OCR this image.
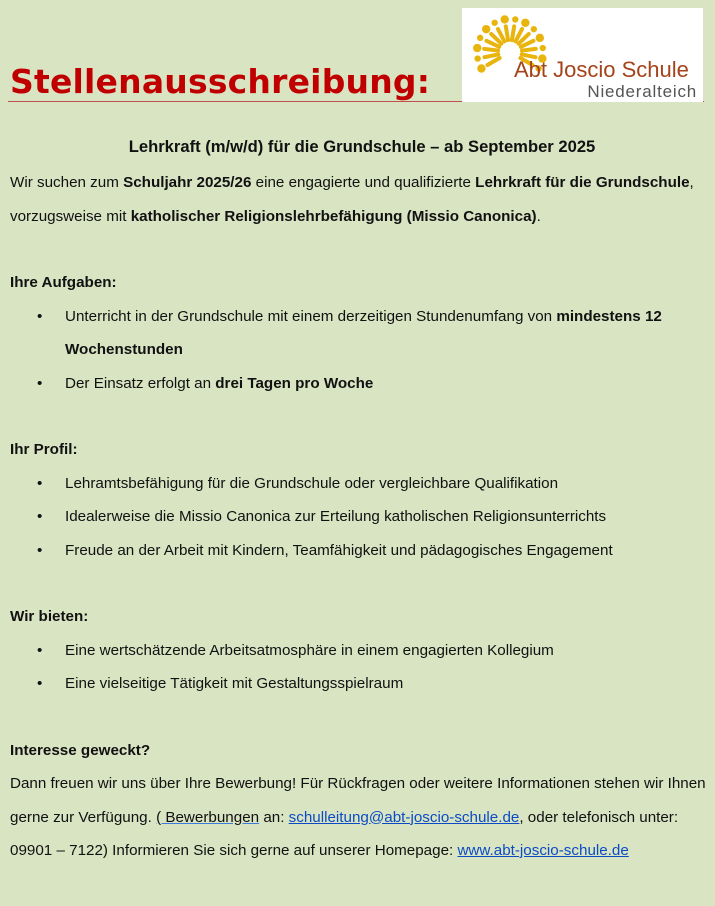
Stellenausschreibung:	Abt Joscio Schule
Niederalteich
Lehrkraft (m/w/d) für die Grundschule – ab September 2025

Wir suchen zum Schuljahr 2025/26 eine engagierte und qualifizierte Lehrkraft für die Grundschule, vorzugsweise mit katholischer Religionslehrbefähigung (Missio Canonica).

Ihre Aufgaben:

• Unterricht in der Grundschule mit einem derzeitigen Stundenumfang von mindestens 12 Wochenstunden
• Der Einsatz erfolgt an drei Tagen pro Woche

Ihr Profil:

• Lehramtsbefähigung für die Grundschule oder vergleichbare Qualifikation
• Idealerweise die Missio Canonica zur Erteilung katholischen Religionsunterrichts
• Freude an der Arbeit mit Kindern, Teamfähigkeit und pädagogisches Engagement

Wir bieten:

• Eine wertschätzende Arbeitsatmosphäre in einem engagierten Kollegium
• Eine vielseitige Tätigkeit mit Gestaltungsspielraum

Interesse geweckt?

Dann freuen wir uns über Ihre Bewerbung! Für Rückfragen oder weitere Informationen stehen wir Ihnen gerne zur Verfügung. ( Bewerbungen an: schulleitung@abt-joscio-schule.de, oder telefonisch unter: 09901 – 7122) Informieren Sie sich gerne auf unserer Homepage: www.abt-joscio-schule.de
